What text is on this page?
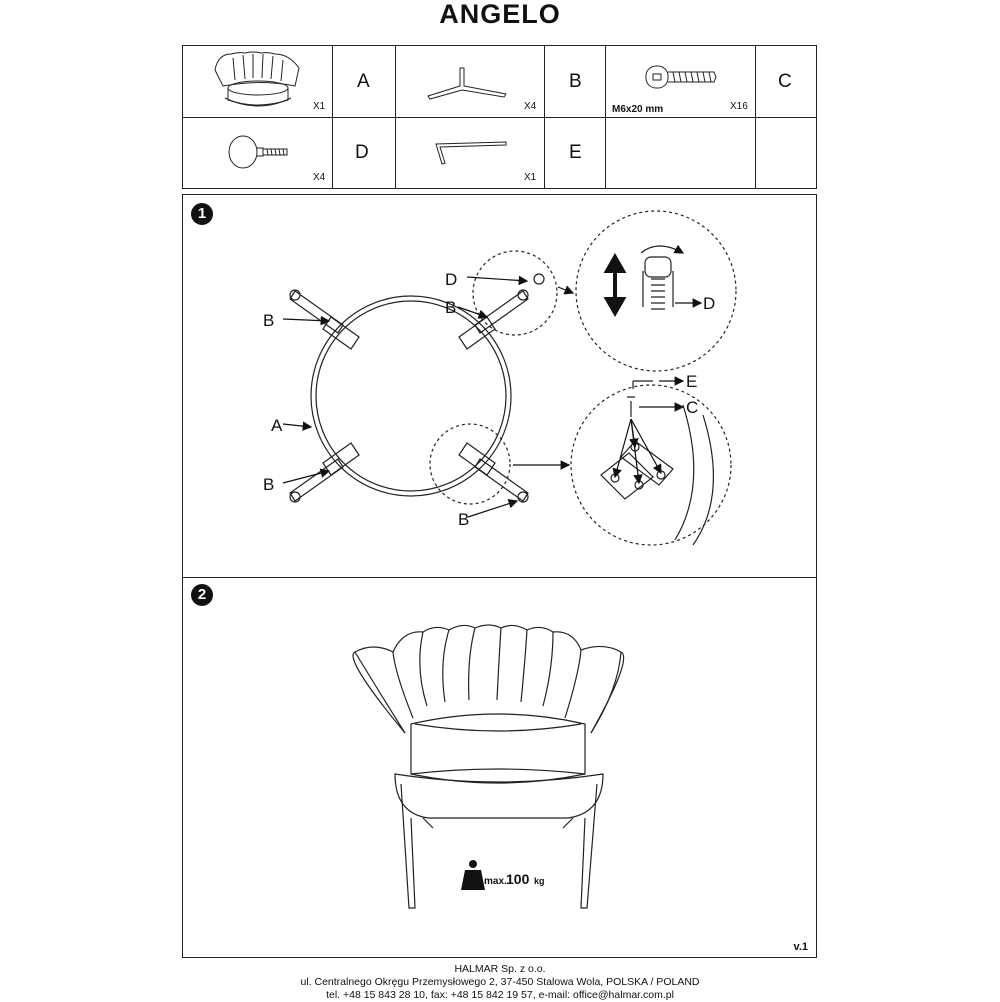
ANGELO
X1
A
X4
B
M6x20 mm	X16
C
X4
D
X1
E
1
B
B
B
B
D
A
D
E
C
2
max. 100 kg
v.1
HALMAR Sp. z o.o.
ul. Centralnego Okręgu Przemysłowego 2, 37-450 Stalowa Wola, POLSKA / POLAND
tel. +48 15 843 28 10, fax: +48 15 842 19 57, e-mail: office@halmar.com.pl
